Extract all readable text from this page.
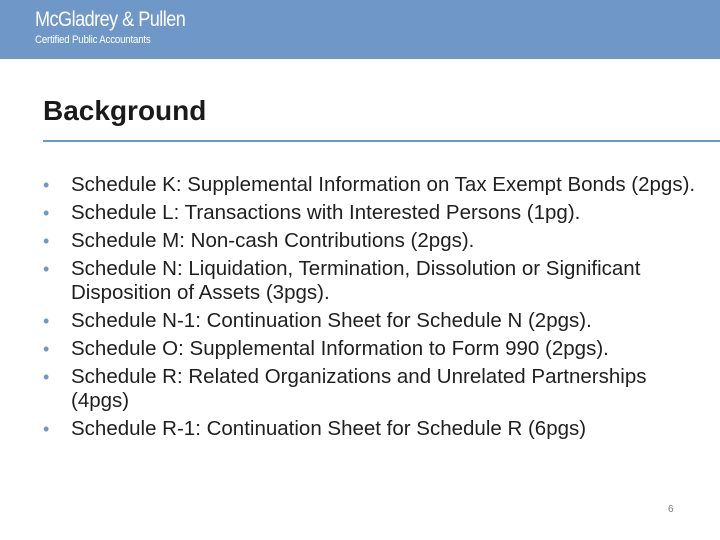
McGladrey & Pullen
Certified Public Accountants
Background
• Schedule K: Supplemental Information on Tax Exempt Bonds (2pgs).
• Schedule L: Transactions with Interested Persons (1pg).
• Schedule M: Non-cash Contributions (2pgs).
• Schedule N: Liquidation, Termination, Dissolution or Significant Disposition of Assets (3pgs).
• Schedule N-1: Continuation Sheet for Schedule N (2pgs).
• Schedule O: Supplemental Information to Form 990 (2pgs).
• Schedule R: Related Organizations and Unrelated Partnerships (4pgs)
• Schedule R-1: Continuation Sheet for Schedule R (6pgs)
6
